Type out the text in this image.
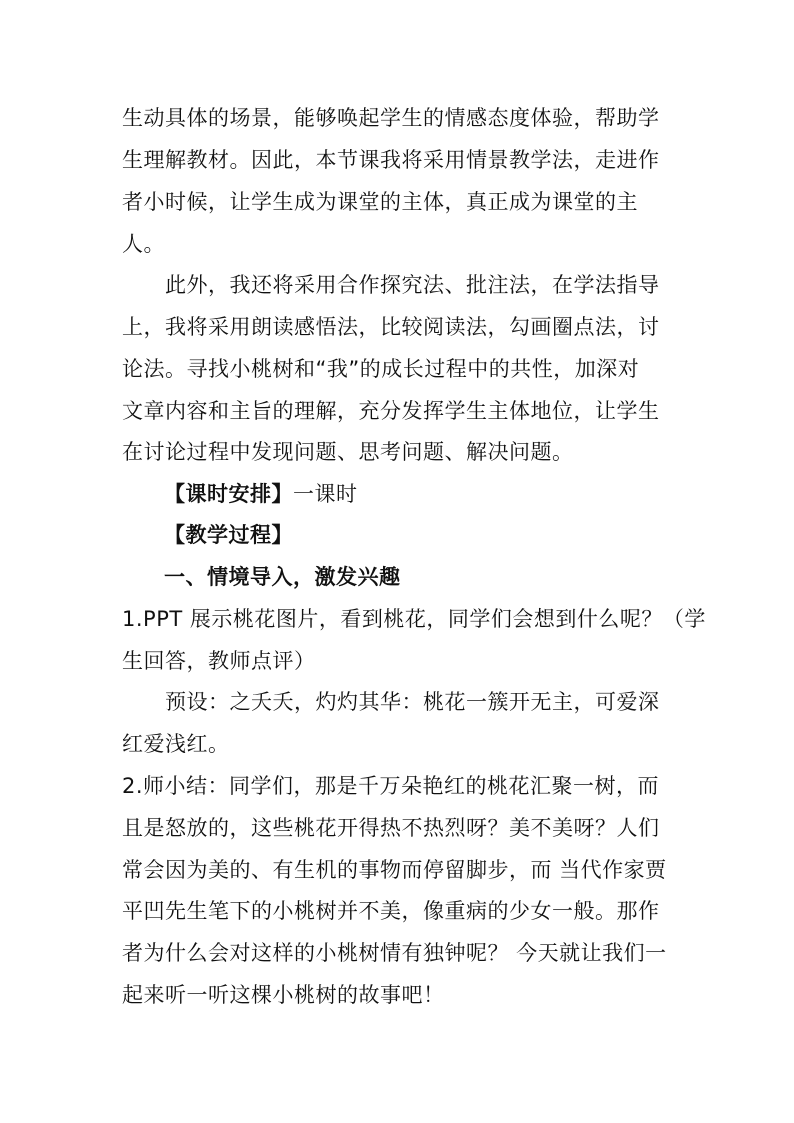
生动具体的场景，能够唤起学生的情感态度体验，帮助学
生理解教材。因此，本节课我将采用情景教学法，走进作
者小时候，让学生成为课堂的主体，真正成为课堂的主
人。
此外，我还将采用合作探究法、批注法，在学法指导
上，我将采用朗读感悟法，比较阅读法，勾画圈点法，讨
论法。寻找小桃树和“我”的成长过程中的共性，加深对
文章内容和主旨的理解，充分发挥学生主体地位，让学生
在讨论过程中发现问题、思考问题、解决问题。
【课时安排】一课时
【教学过程】
一、情境导入，激发兴趣
1.PPT 展示桃花图片，看到桃花，同学们会想到什么呢？（学
生回答，教师点评）
预设：之夭夭，灼灼其华：桃花一簇开无主，可爱深
红爱浅红。
2.师小结：同学们，那是千万朵艳红的桃花汇聚一树，而
且是怒放的，这些桃花开得热不热烈呀？美不美呀？人们
常会因为美的、有生机的事物而停留脚步，而 当代作家贾
平凹先生笔下的小桃树并不美，像重病的少女一般。那作
者为什么会对这样的小桃树情有独钟呢？ 今天就让我们一
起来听一听这棵小桃树的故事吧！
